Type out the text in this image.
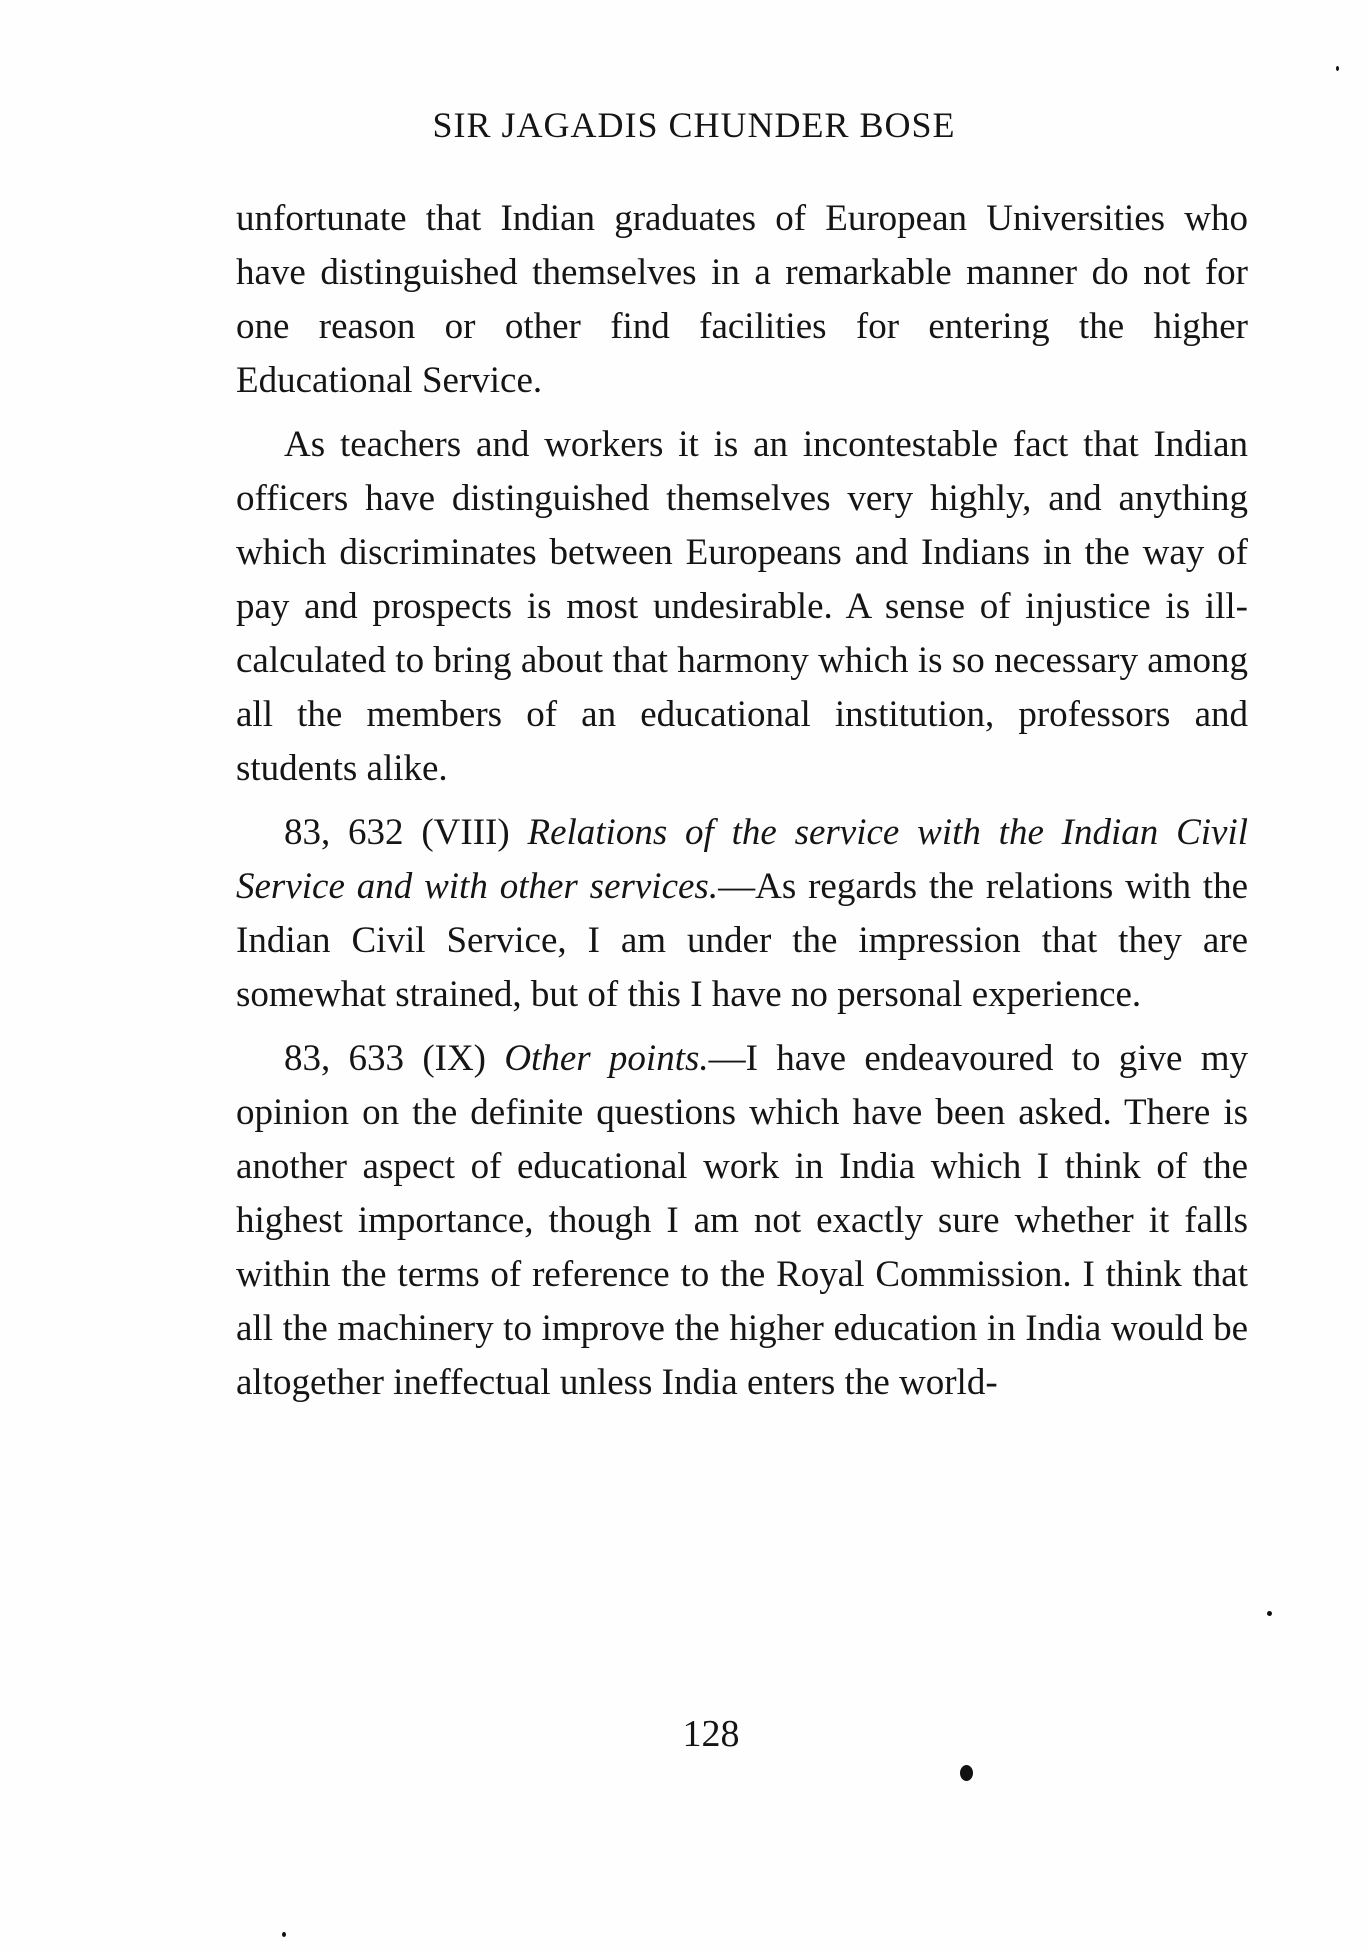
SIR JAGADIS CHUNDER BOSE

unfortunate that Indian graduates of European Universities who have distinguished themselves in a remarkable manner do not for one reason or other find facilities for entering the higher Educational Service.

As teachers and workers it is an incontestable fact that Indian officers have distinguished themselves very highly, and anything which discriminates between Europeans and Indians in the way of pay and prospects is most undesirable. A sense of injustice is ill-calculated to bring about that harmony which is so necessary among all the members of an educational institution, professors and students alike.

83, 632 (VIII) Relations of the service with the Indian Civil Service and with other services.—As regards the relations with the Indian Civil Service, I am under the impression that they are somewhat strained, but of this I have no personal experience.

83, 633 (IX) Other points.—I have endeavoured to give my opinion on the definite questions which have been asked. There is another aspect of educational work in India which I think of the highest importance, though I am not exactly sure whether it falls within the terms of reference to the Royal Commission. I think that all the machinery to improve the higher education in India would be altogether ineffectual unless India enters the world-

128
